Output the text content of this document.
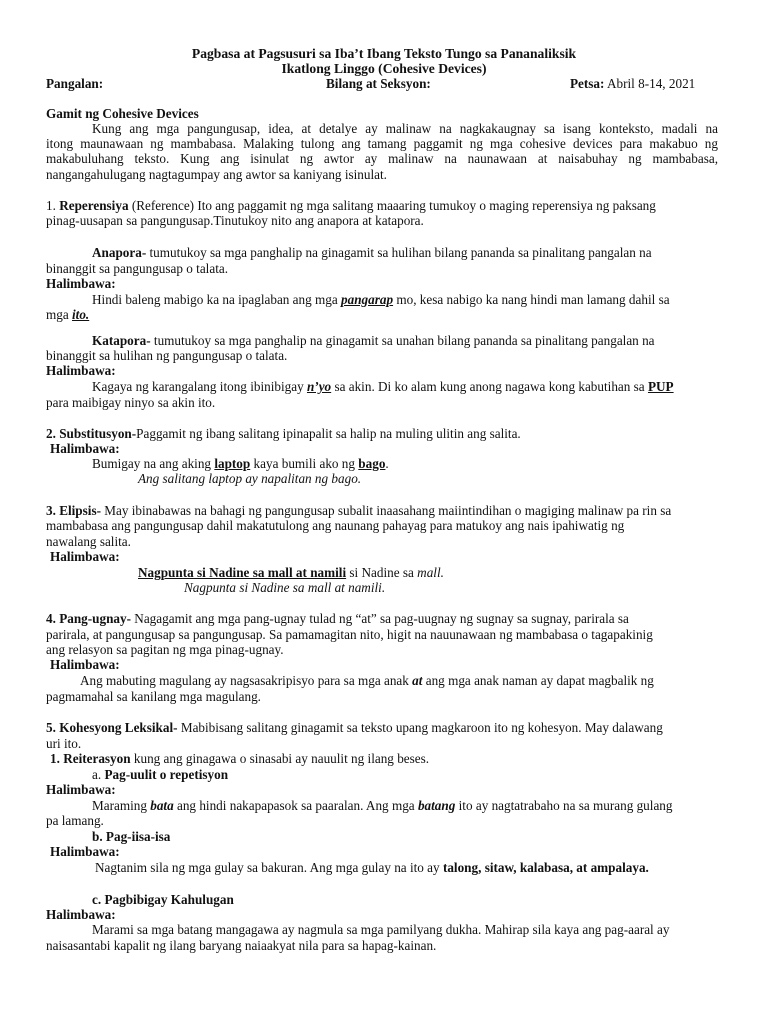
Pagbasa at Pagsusuri sa Iba’t Ibang Teksto Tungo sa Pananaliksik
Ikatlong Linggo (Cohesive Devices)
Pangalan:	Bilang at Seksyon:	Petsa: Abril 8-14, 2021
Gamit ng Cohesive Devices
Kung ang mga pangungusap, idea, at detalye ay malinaw na nagkakaugnay sa isang konteksto, madali na
itong maunawaan ng mambabasa. Malaking tulong ang tamang paggamit ng mga cohesive devices para makabuo ng
makabuluhang teksto. Kung ang isinulat ng awtor ay malinaw na naunawaan at naisabuhay ng mambabasa,
nangangahulugang nagtagumpay ang awtor sa kaniyang isinulat.
1. Reperensiya (Reference) Ito ang paggamit ng mga salitang maaaring tumukoy o maging reperensiya ng paksang
pinag-uusapan sa pangungusap.Tinutukoy nito ang anapora at katapora.
Anapora- tumutukoy sa mga panghalip na ginagamit sa hulihan bilang pananda sa pinalitang pangalan na
binanggit sa pangungusap o talata.
Halimbawa:
Hindi baleng mabigo ka na ipaglaban ang mga pangarap mo, kesa nabigo ka nang hindi man lamang dahil sa
mga ito.
Katapora- tumutukoy sa mga panghalip na ginagamit sa unahan bilang pananda sa pinalitang pangalan na
binanggit sa hulihan ng pangungusap o talata.
Halimbawa:
Kagaya ng karangalang itong ibinibigay n’yo sa akin. Di ko alam kung anong nagawa kong kabutihan sa PUP
para maibigay ninyo sa akin ito.
2. Substitusyon-Paggamit ng ibang salitang ipinapalit sa halip na muling ulitin ang salita.
Halimbawa:
Bumigay na ang aking laptop kaya bumili ako ng bago.
Ang salitang laptop ay napalitan ng bago.
3. Elipsis- May ibinabawas na bahagi ng pangungusap subalit inaasahang maiintindihan o magiging malinaw pa rin sa
mambabasa ang pangungusap dahil makatutulong ang naunang pahayag para matukoy ang nais ipahiwatig ng
nawalang salita.
Halimbawa:
Nagpunta si Nadine sa mall at namili si Nadine sa mall.
Nagpunta si Nadine sa mall at namili.
4. Pang-ugnay- Nagagamit ang mga pang-ugnay tulad ng “at” sa pag-uugnay ng sugnay sa sugnay, parirala sa
parirala, at pangungusap sa pangungusap. Sa pamamagitan nito, higit na nauunawaan ng mambabasa o tagapakinig
ang relasyon sa pagitan ng mga pinag-ugnay.
Halimbawa:
Ang mabuting magulang ay nagsasakripisyo para sa mga anak at ang mga anak naman ay dapat magbalik ng
pagmamahal sa kanilang mga magulang.
5. Kohesyong Leksikal- Mabibisang salitang ginagamit sa teksto upang magkaroon ito ng kohesyon. May dalawang
uri ito.
1. Reiterasyon kung ang ginagawa o sinasabi ay nauulit ng ilang beses.
a. Pag-uulit o repetisyon
Halimbawa:
Maraming bata ang hindi nakapapasok sa paaralan. Ang mga batang ito ay nagtatrabaho na sa murang gulang
pa lamang.
b. Pag-iisa-isa
Halimbawa:
Nagtanim sila ng mga gulay sa bakuran. Ang mga gulay na ito ay talong, sitaw, kalabasa, at ampalaya.
c. Pagbibigay Kahulugan
Halimbawa:
Marami sa mga batang mangagawa ay nagmula sa mga pamilyang dukha. Mahirap sila kaya ang pag-aaral ay
naisasantabi kapalit ng ilang baryang naiaakyat nila para sa hapag-kainan.
